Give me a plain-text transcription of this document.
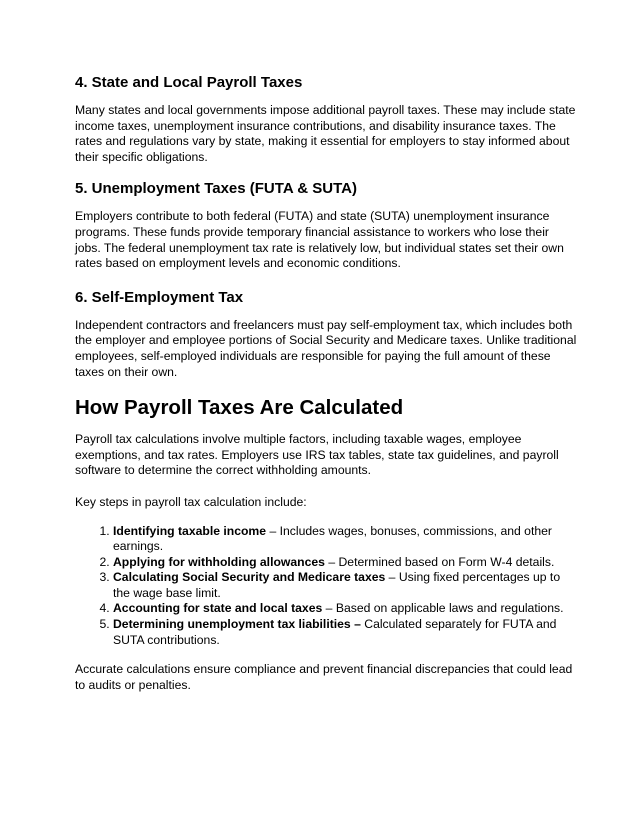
4. State and Local Payroll Taxes

Many states and local governments impose additional payroll taxes. These may include state income taxes, unemployment insurance contributions, and disability insurance taxes. The rates and regulations vary by state, making it essential for employers to stay informed about their specific obligations.

5. Unemployment Taxes (FUTA & SUTA)

Employers contribute to both federal (FUTA) and state (SUTA) unemployment insurance programs. These funds provide temporary financial assistance to workers who lose their jobs. The federal unemployment tax rate is relatively low, but individual states set their own rates based on employment levels and economic conditions.

6. Self-Employment Tax

Independent contractors and freelancers must pay self-employment tax, which includes both the employer and employee portions of Social Security and Medicare taxes. Unlike traditional employees, self-employed individuals are responsible for paying the full amount of these taxes on their own.

How Payroll Taxes Are Calculated

Payroll tax calculations involve multiple factors, including taxable wages, employee exemptions, and tax rates. Employers use IRS tax tables, state tax guidelines, and payroll software to determine the correct withholding amounts.

Key steps in payroll tax calculation include:

1. Identifying taxable income – Includes wages, bonuses, commissions, and other earnings.
2. Applying for withholding allowances – Determined based on Form W-4 details.
3. Calculating Social Security and Medicare taxes – Using fixed percentages up to the wage base limit.
4. Accounting for state and local taxes – Based on applicable laws and regulations.
5. Determining unemployment tax liabilities – Calculated separately for FUTA and SUTA contributions.

Accurate calculations ensure compliance and prevent financial discrepancies that could lead to audits or penalties.
